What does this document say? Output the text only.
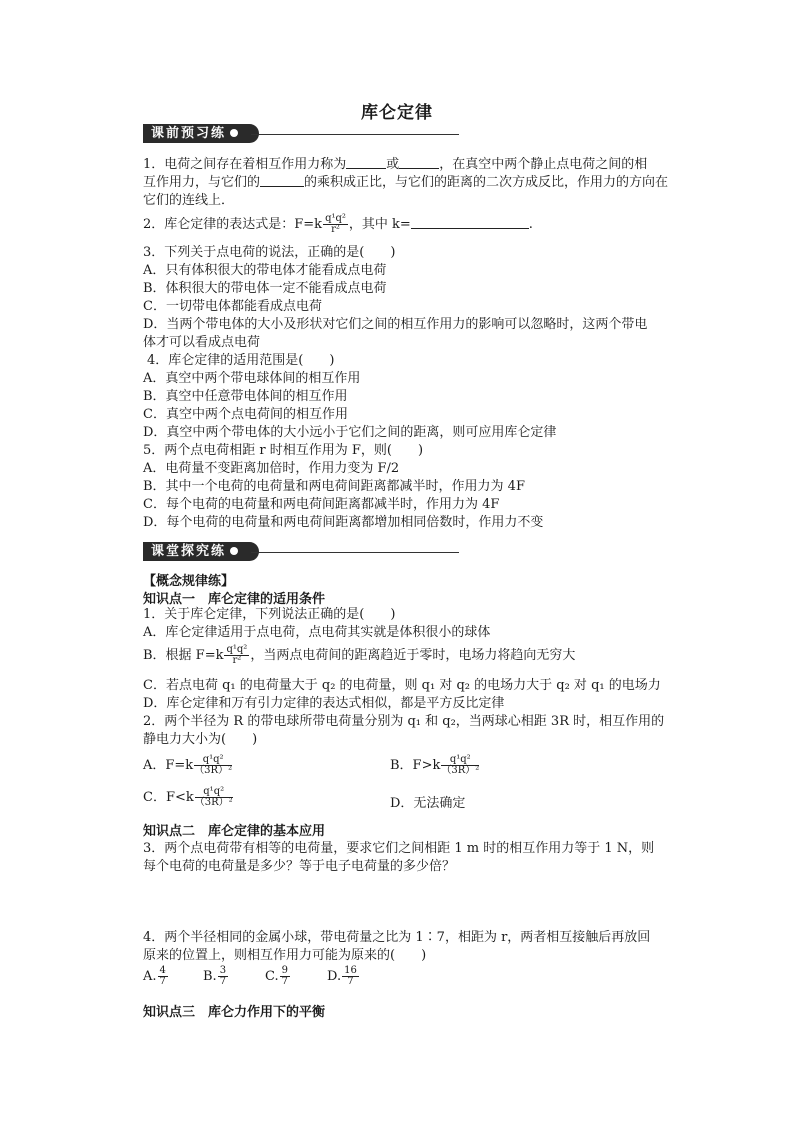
库仑定律
课前预习练
1．电荷之间存在着相互作用力称为	或	，在真空中两个静止点电荷之间的相
互作用力，与它们的	的乘积成正比，与它们的距离的二次方成反比，作用力的方向在
它们的连线上．
2．库仑定律的表达式是：$F=k \frac{\text{q¹q²}}{\text{r²}}$ ，其中 k=	.
3．下列关于点电荷的说法，正确的是(　　)
A．只有体积很大的带电体才能看成点电荷
B．体积很大的带电体一定不能看成点电荷
C．一切带电体都能看成点电荷
D．当两个带电体的大小及形状对它们之间的相互作用力的影响可以忽略时，这两个带电
体才可以看成点电荷
4．库仑定律的适用范围是(　　)
A．真空中两个带电球体间的相互作用
B．真空中任意带电体间的相互作用
C．真空中两个点电荷间的相互作用
D．真空中两个带电体的大小远小于它们之间的距离，则可应用库仑定律
5．两个点电荷相距 r 时相互作用为 F，则(　　)
A．电荷量不变距离加倍时，作用力变为 F/2
B．其中一个电荷的电荷量和两电荷间距离都减半时，作用力为 4F
C．每个电荷的电荷量和两电荷间距离都减半时，作用力为 4F
D．每个电荷的电荷量和两电荷间距离都增加相同倍数时，作用力不变
课堂探究练
【概念规律练】
知识点一　库仑定律的适用条件
1．关于库仑定律，下列说法正确的是(　　)
A．库仑定律适用于点电荷，点电荷其实就是体积很小的球体
B．根据 $F=k \frac{\text{q¹q²}}{\text{r²}}$ ，当两点电荷间的距离趋近于零时，电场力将趋向无穷大
C．若点电荷 q₁ 的电荷量大于 q₂ 的电荷量，则 q₁ 对 q₂ 的电场力大于 q₂ 对 q₁ 的电场力
D．库仑定律和万有引力定律的表达式相似，都是平方反比定律
2．两个半径为 R 的带电球所带电荷量分别为 q₁ 和 q₂，当两球心相距 3R 时，相互作用的
静电力大小为(　　)
A．$F=k \frac{\text{q¹q²}}{\text{（3R）²}}$	B．$F>k \frac{\text{q¹q²}}{\text{（3R）²}}$
C．$F<k \frac{\text{q¹q²}}{\text{（3R）²}}$	D．无法确定
知识点二　库仑定律的基本应用
3．两个点电荷带有相等的电荷量，要求它们之间相距 1 m 时的相互作用力等于 1 N，则
每个电荷的电荷量是多少？等于电子电荷量的多少倍？
4．两个半径相同的金属小球，带电荷量之比为 1∶7，相距为 r，两者相互接触后再放回
原来的位置上，则相互作用力可能为原来的(　　)
A. $\frac{4}{7}$	B. $\frac{3}{7}$	C. $\frac{9}{7}$	D. $\frac{16}{7}$
知识点三　库仑力作用下的平衡
